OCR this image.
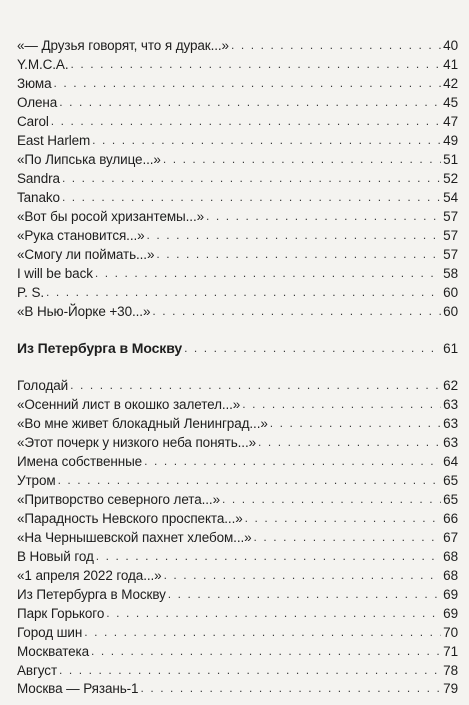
«— Друзья говорят, что я дурак...» . . .	40
Y.M.C.A. . . .	41
Зюма . . .	42
Олена . . .	45
Carol . . .	47
East Harlem . . .	49
«По Липська вулице...» . . .	51
Sandra . . .	52
Tanako . . .	54
«Вот бы росой хризантемы...» . . .	57
«Рука становится...» . . .	57
«Смогу ли поймать...» . . .	57
I will be back . . .	58
P. S. . . .	60
«В Нью-Йорке +30...» . . .	60
Из Петербурга в Москву . . .	61
Голодай . . .	62
«Осенний лист в окошко залетел...» . . .	63
«Во мне живет блокадный Ленинград...» . . .	63
«Этот почерк у низкого неба понять...» . . .	63
Имена собственные . . .	64
Утром . . .	65
«Притворство северного лета...» . . .	65
«Парадность Невского проспекта...» . . .	66
«На Чернышевской пахнет хлебом...» . . .	67
В Новый год . . .	68
«1 апреля 2022 года...» . . .	68
Из Петербурга в Москву . . .	69
Парк Горького . . .	69
Город шин . . .	70
Москватека . . .	71
Август . . .	78
Москва — Рязань-1 . . .	79
